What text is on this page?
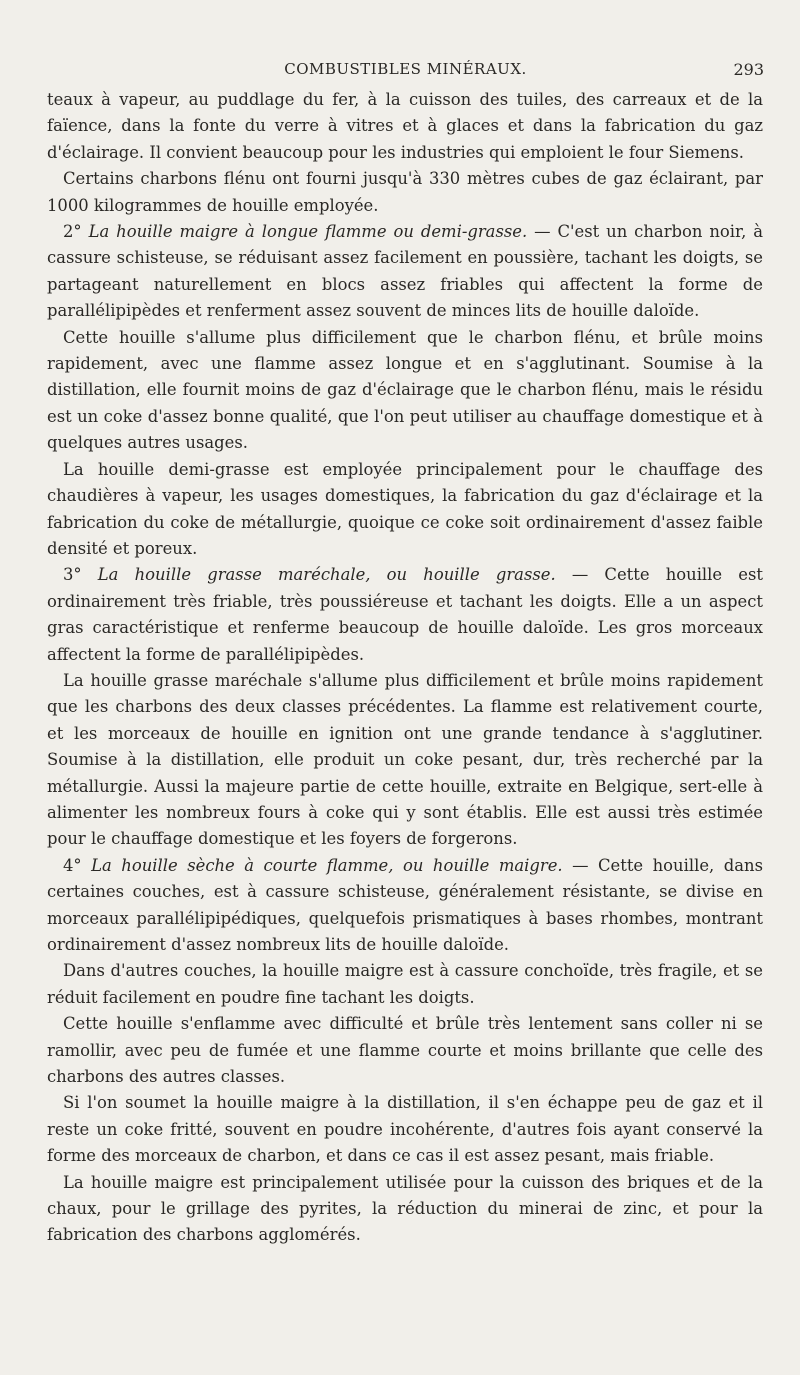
COMBUSTIBLES MINÉRAUX.	293

teaux à vapeur, au puddlage du fer, à la cuisson des tuiles, des carreaux et de la faïence, dans la fonte du verre à vitres et à glaces et dans la fabrication du gaz d'éclairage. Il convient beaucoup pour les industries qui emploient le four Siemens.

Certains charbons flénu ont fourni jusqu'à 330 mètres cubes de gaz éclairant, par 1000 kilogrammes de houille employée.

2° La houille maigre à longue flamme ou demi-grasse. — C'est un charbon noir, à cassure schisteuse, se réduisant assez facilement en poussière, tachant les doigts, se partageant naturellement en blocs assez friables qui affectent la forme de parallélipipèdes et renferment assez souvent de minces lits de houille daloïde.

Cette houille s'allume plus difficilement que le charbon flénu, et brûle moins rapidement, avec une flamme assez longue et en s'agglutinant. Soumise à la distillation, elle fournit moins de gaz d'éclairage que le charbon flénu, mais le résidu est un coke d'assez bonne qualité, que l'on peut utiliser au chauffage domestique et à quelques autres usages.

La houille demi-grasse est employée principalement pour le chauffage des chaudières à vapeur, les usages domestiques, la fabrication du gaz d'éclairage et la fabrication du coke de métallurgie, quoique ce coke soit ordinairement d'assez faible densité et poreux.

3° La houille grasse maréchale, ou houille grasse. — Cette houille est ordinairement très friable, très poussiéreuse et tachant les doigts. Elle a un aspect gras caractéristique et renferme beaucoup de houille daloïde. Les gros morceaux affectent la forme de parallélipipèdes.

La houille grasse maréchale s'allume plus difficilement et brûle moins rapidement que les charbons des deux classes précédentes. La flamme est relativement courte, et les morceaux de houille en ignition ont une grande tendance à s'agglutiner. Soumise à la distillation, elle produit un coke pesant, dur, très recherché par la métallurgie. Aussi la majeure partie de cette houille, extraite en Belgique, sert-elle à alimenter les nombreux fours à coke qui y sont établis. Elle est aussi très estimée pour le chauffage domestique et les foyers de forgerons.

4° La houille sèche à courte flamme, ou houille maigre. — Cette houille, dans certaines couches, est à cassure schisteuse, généralement résistante, se divise en morceaux parallélipipédiques, quelquefois prismatiques à bases rhombes, montrant ordinairement d'assez nombreux lits de houille daloïde.

Dans d'autres couches, la houille maigre est à cassure conchoïde, très fragile, et se réduit facilement en poudre fine tachant les doigts.

Cette houille s'enflamme avec difficulté et brûle très lentement sans coller ni se ramollir, avec peu de fumée et une flamme courte et moins brillante que celle des charbons des autres classes.

Si l'on soumet la houille maigre à la distillation, il s'en échappe peu de gaz et il reste un coke fritté, souvent en poudre incohérente, d'autres fois ayant conservé la forme des morceaux de charbon, et dans ce cas il est assez pesant, mais friable.

La houille maigre est principalement utilisée pour la cuisson des briques et de la chaux, pour le grillage des pyrites, la réduction du minerai de zinc, et pour la fabrication des charbons agglomérés.
